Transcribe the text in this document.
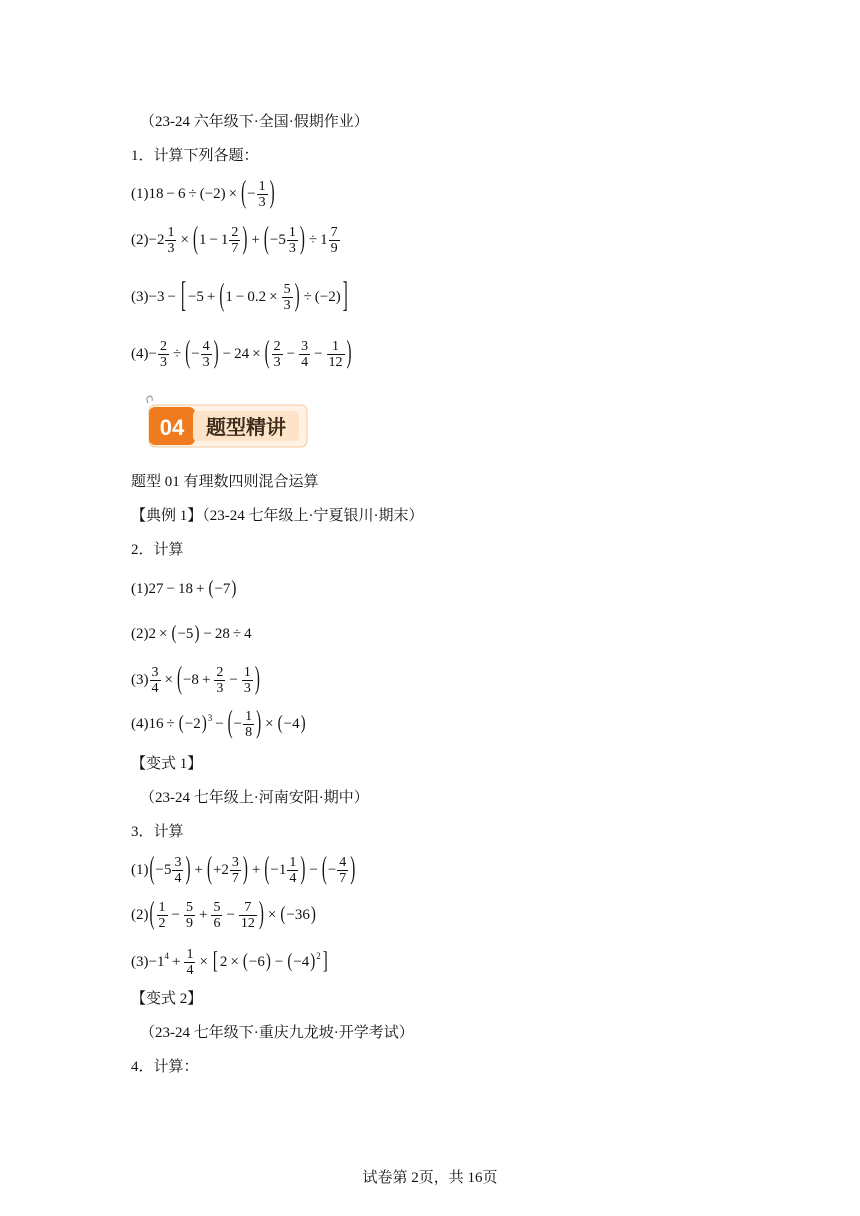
（23-24 六年级下·全国·假期作业）
1．计算下列各题：
(1)18 − 6 ÷ (−2) × ( − $\frac{1}{3}$ )
$(2) -2 \frac{1}{3}$ × ( $1 - 1 \frac{2}{7}$ ) + ( $-5 \frac{1}{3}$ ) ÷ $1 \frac{7}{9}$
(3) −3 − [ −5 + ( $1 - 0.2 \times \frac{5}{3}$ ) ÷ (−2) ]
$(4) - \frac{2}{3}$ ÷ ( − $\frac{4}{3}$ ) − 24 × ( $\frac{2}{3} - \frac{3}{4} - \frac{1}{12}$ )
04 题型精讲
题型 01 有理数四则混合运算
【典例 1】（23-24 七年级上·宁夏银川·期末）
2．计算
(1) 27 − 18 + ( −7 )
(2) 2 × ( −5 ) − 28 ÷ 4
$(3) \frac{3}{4}$ × ( $-8 + \frac{2}{3} - \frac{1}{3}$ )
(4) 16 ÷ ( −2 )$^3$ − ( − $\frac{1}{8}$ ) × ( −4 )
【变式 1】
（23-24 七年级上·河南安阳·期中）
3．计算
(1) ( $-5 \frac{3}{4}$ ) + ( $+2 \frac{3}{7}$ ) + ( $-1 \frac{1}{4}$ ) − ( − $\frac{4}{7}$ )
(2) ( $\frac{1}{2} - \frac{5}{9} + \frac{5}{6} - \frac{7}{12}$ ) × ( −36 )
$(3) -1^4 + \frac{1}{4}$ × [ 2 × ( −6 ) − ( −4 )$^2$ ]
【变式 2】
（23-24 七年级下·重庆九龙坡·开学考试）
4．计算：
试卷第 2页，共 16页
